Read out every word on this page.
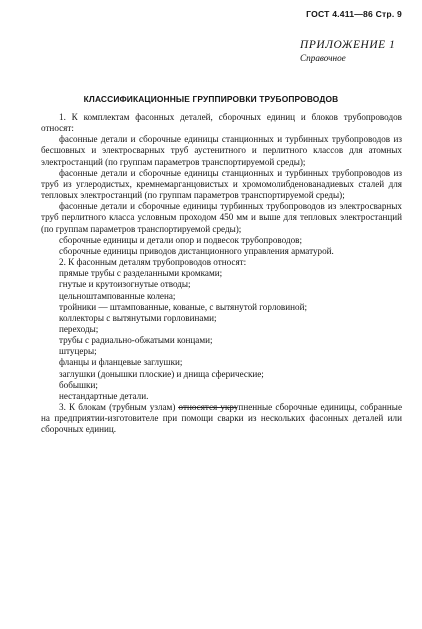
ГОСТ 4.411—86 Стр. 9
ПРИЛОЖЕНИЕ 1
Справочное
КЛАССИФИКАЦИОННЫЕ ГРУППИРОВКИ ТРУБОПРОВОДОВ

1. К комплектам фасонных деталей, сборочных единиц и блоков трубопроводов относят:

фасонные детали и сборочные единицы станционных и турбинных трубопроводов из бесшовных и электросварных труб аустенитного и перлитного классов для атомных электростанций (по группам параметров транспортируемой среды);

фасонные детали и сборочные единицы станционных и турбинных трубопроводов из труб из углеродистых, кремнемарганцовистых и хромомолибденованадиевых сталей для тепловых электростанций (по группам параметров транспортируемой среды);

фасонные детали и сборочные единицы турбинных трубопроводов из электросварных труб перлитного класса условным проходом 450 мм и выше для тепловых электростанций (по группам параметров транспортируемой среды);

сборочные единицы и детали опор и подвесок трубопроводов;

сборочные единицы приводов дистанционного управления арматурой.

2. К фасонным деталям трубопроводов относят:

прямые трубы с разделанными кромками;

гнутые и крутоизогнутые отводы;

цельноштампованные колена;

тройники — штампованные, кованые, с вытянутой горловиной;

коллекторы с вытянутыми горловинами;

переходы;

трубы с радиально-обжатыми концами;

штуцеры;

фланцы и фланцевые заглушки;

заглушки (донышки плоские) и днища сферические;

бобышки;

нестандартные детали.

3. К блокам (трубным узлам) относятся укрупненные сборочные единицы, собранные на предприятии-изготовителе при помощи сварки из нескольких фасонных деталей или сборочных единиц.
